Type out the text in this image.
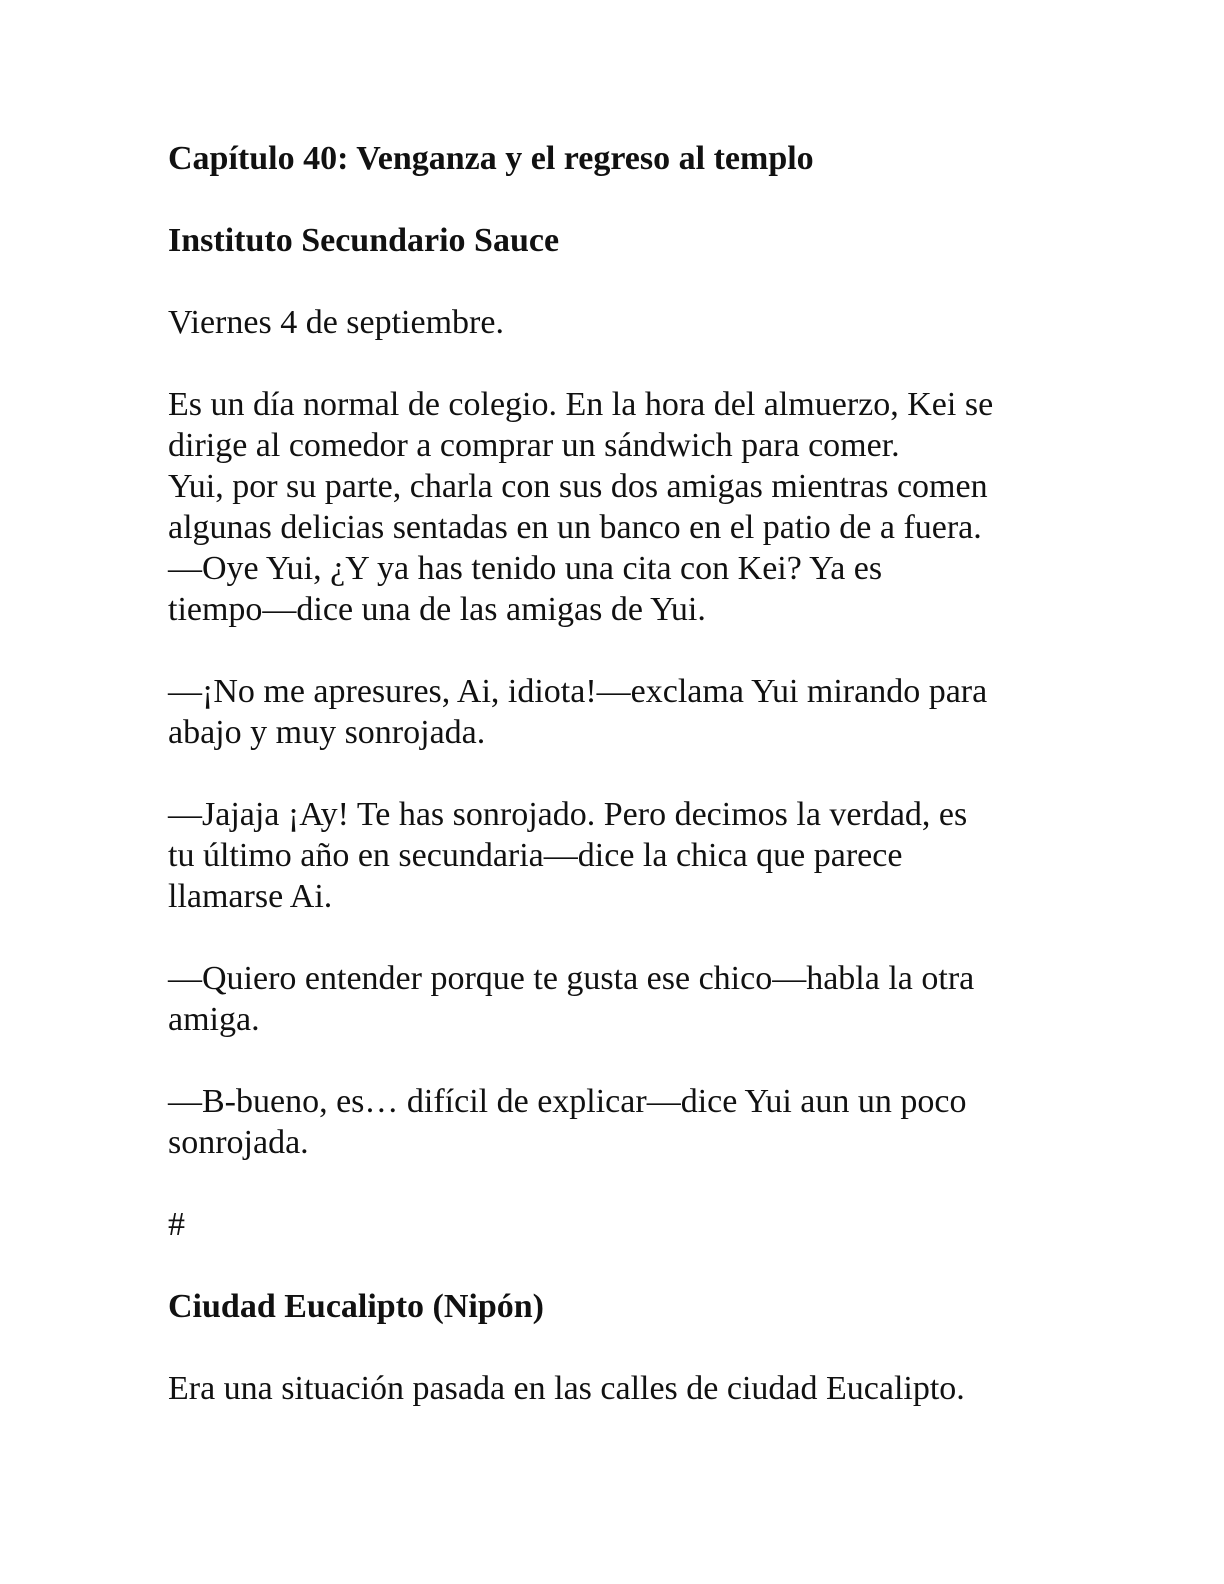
Capítulo 40: Venganza y el regreso al templo

Instituto Secundario Sauce

Viernes 4 de septiembre.

Es un día normal de colegio. En la hora del almuerzo, Kei se

dirige al comedor a comprar un sándwich para comer.

Yui, por su parte, charla con sus dos amigas mientras comen

algunas delicias sentadas en un banco en el patio de a fuera.

—Oye Yui, ¿Y ya has tenido una cita con Kei? Ya es

tiempo—dice una de las amigas de Yui.

—¡No me apresures, Ai, idiota!—exclama Yui mirando para

abajo y muy sonrojada.

—Jajaja ¡Ay! Te has sonrojado. Pero decimos la verdad, es

tu último año en secundaria—dice la chica que parece

llamarse Ai.

—Quiero entender porque te gusta ese chico—habla la otra

amiga.

—B-bueno, es… difícil de explicar—dice Yui aun un poco

sonrojada.

#

Ciudad Eucalipto (Nipón)

Era una situación pasada en las calles de ciudad Eucalipto.
